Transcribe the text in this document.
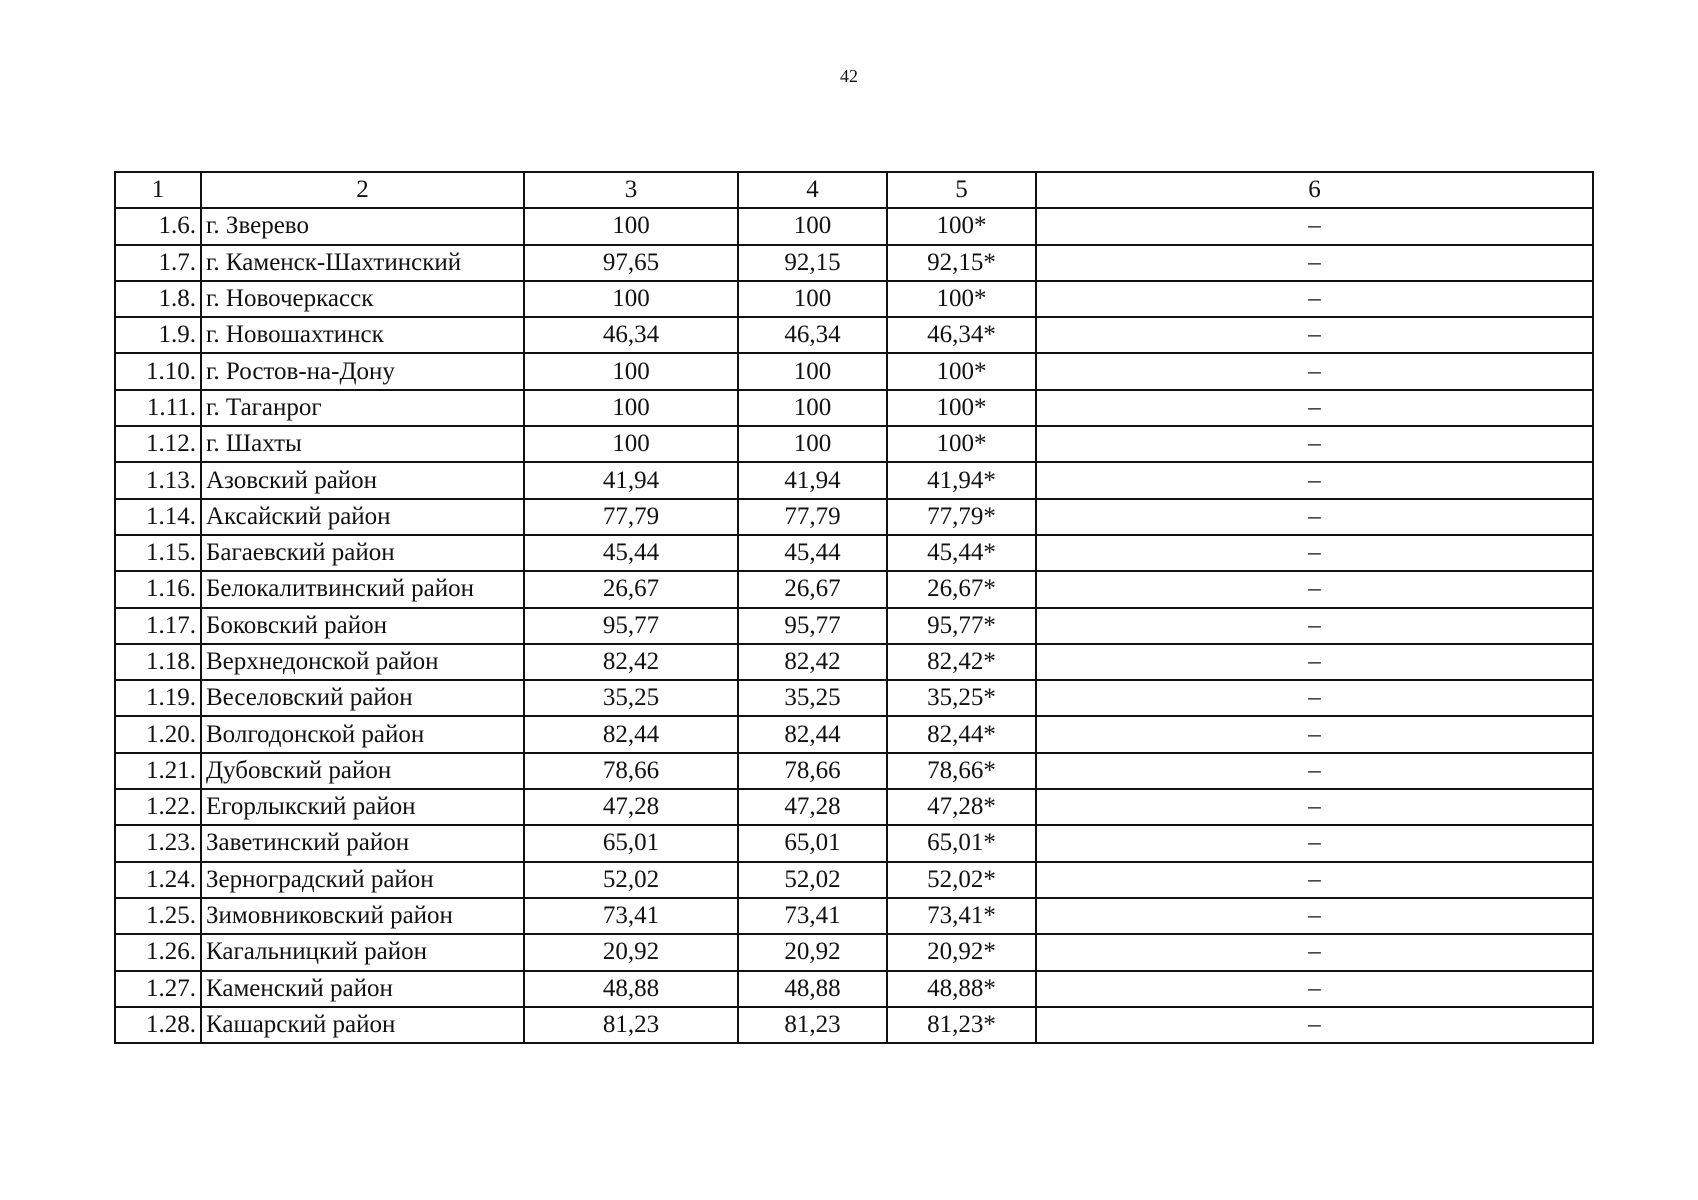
42
1	2	3	4	5	6
1.6.	г. Зверево	100	100	100*	–
1.7.	г. Каменск-Шахтинский	97,65	92,15	92,15*	–
1.8.	г. Новочеркасск	100	100	100*	–
1.9.	г. Новошахтинск	46,34	46,34	46,34*	–
1.10.	г. Ростов-на-Дону	100	100	100*	–
1.11.	г. Таганрог	100	100	100*	–
1.12.	г. Шахты	100	100	100*	–
1.13.	Азовский район	41,94	41,94	41,94*	–
1.14.	Аксайский район	77,79	77,79	77,79*	–
1.15.	Багаевский район	45,44	45,44	45,44*	–
1.16.	Белокалитвинский район	26,67	26,67	26,67*	–
1.17.	Боковский район	95,77	95,77	95,77*	–
1.18.	Верхнедонской район	82,42	82,42	82,42*	–
1.19.	Веселовский район	35,25	35,25	35,25*	–
1.20.	Волгодонской район	82,44	82,44	82,44*	–
1.21.	Дубовский район	78,66	78,66	78,66*	–
1.22.	Егорлыкский район	47,28	47,28	47,28*	–
1.23.	Заветинский район	65,01	65,01	65,01*	–
1.24.	Зерноградский район	52,02	52,02	52,02*	–
1.25.	Зимовниковский район	73,41	73,41	73,41*	–
1.26.	Кагальницкий район	20,92	20,92	20,92*	–
1.27.	Каменский район	48,88	48,88	48,88*	–
1.28.	Кашарский район	81,23	81,23	81,23*	–
